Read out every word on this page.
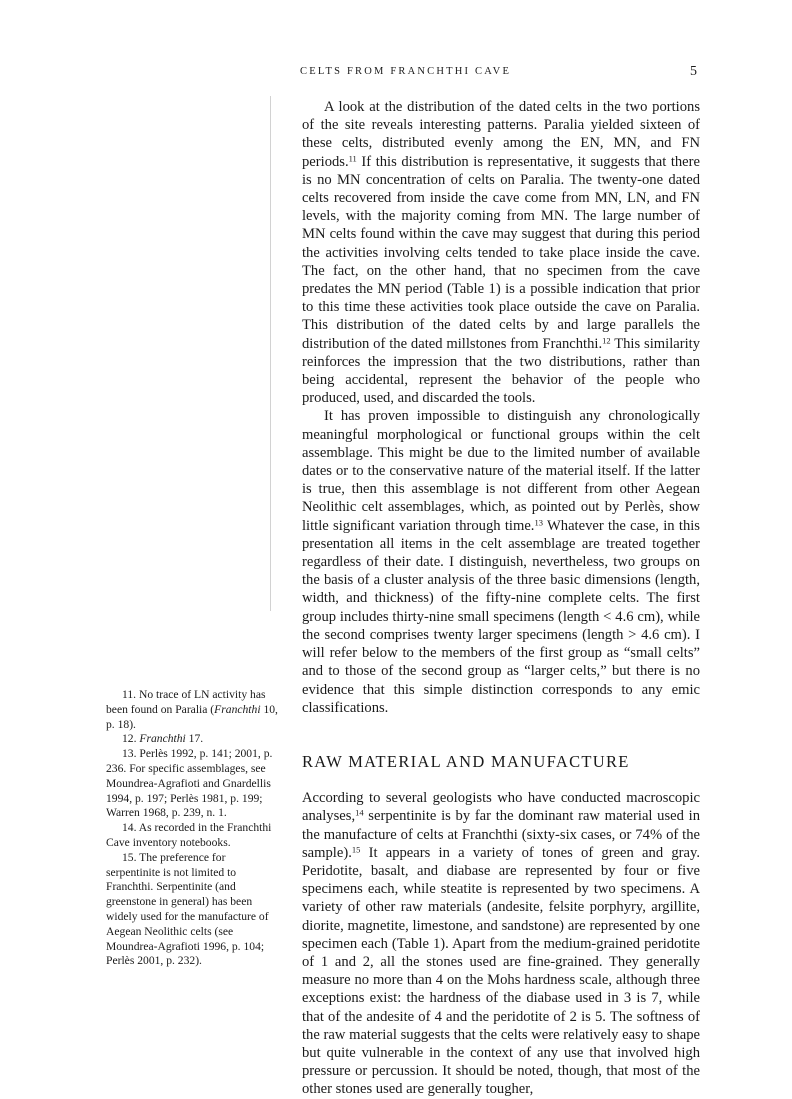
CELTS FROM FRANCHTHI CAVE	5

A look at the distribution of the dated celts in the two portions of the site reveals interesting patterns. Paralia yielded sixteen of these celts, distributed evenly among the EN, MN, and FN periods.$^{11}$ If this distribution is representative, it suggests that there is no MN concentration of celts on Paralia. The twenty-one dated celts recovered from inside the cave come from MN, LN, and FN levels, with the majority coming from MN. The large number of MN celts found within the cave may suggest that during this period the activities involving celts tended to take place inside the cave. The fact, on the other hand, that no specimen from the cave predates the MN period (Table 1) is a possible indication that prior to this time these activities took place outside the cave on Paralia. This distribution of the dated celts by and large parallels the distribution of the dated millstones from Franchthi.$^{12}$ This similarity reinforces the impression that the two distributions, rather than being accidental, represent the behavior of the people who produced, used, and discarded the tools.

It has proven impossible to distinguish any chronologically meaningful morphological or functional groups within the celt assemblage. This might be due to the limited number of available dates or to the conservative nature of the material itself. If the latter is true, then this assemblage is not different from other Aegean Neolithic celt assemblages, which, as pointed out by Perlès, show little significant variation through time.$^{13}$ Whatever the case, in this presentation all items in the celt assemblage are treated together regardless of their date. I distinguish, nevertheless, two groups on the basis of a cluster analysis of the three basic dimensions (length, width, and thickness) of the fifty-nine complete celts. The first group includes thirty-nine small specimens (length < 4.6 cm), while the second comprises twenty larger specimens (length > 4.6 cm). I will refer below to the members of the first group as “small celts” and to those of the second group as “larger celts,” but there is no evidence that this simple distinction corresponds to any emic classifications.

RAW MATERIAL AND MANUFACTURE

According to several geologists who have conducted macroscopic analyses,$^{14}$ serpentinite is by far the dominant raw material used in the manufacture of celts at Franchthi (sixty-six cases, or 74% of the sample).$^{15}$ It appears in a variety of tones of green and gray. Peridotite, basalt, and diabase are represented by four or five specimens each, while steatite is represented by two specimens. A variety of other raw materials (andesite, felsite porphyry, argillite, diorite, magnetite, limestone, and sandstone) are represented by one specimen each (Table 1). Apart from the medium-grained peridotite of 1 and 2, all the stones used are fine-grained. They generally measure no more than 4 on the Mohs hardness scale, although three exceptions exist: the hardness of the diabase used in 3 is 7, while that of the andesite of 4 and the peridotite of 2 is 5. The softness of the raw material suggests that the celts were relatively easy to shape but quite vulnerable in the context of any use that involved high pressure or percussion. It should be noted, though, that most of the other stones used are generally tougher,

11. No trace of LN activity has been found on Paralia (Franchthi 10, p. 18).

12. Franchthi 17.

13. Perlès 1992, p. 141; 2001, p. 236. For specific assemblages, see Moundrea-Agrafioti and Gnardellis 1994, p. 197; Perlès 1981, p. 199; Warren 1968, p. 239, n. 1.

14. As recorded in the Franchthi Cave inventory notebooks.

15. The preference for serpentinite is not limited to Franchthi. Serpentinite (and greenstone in general) has been widely used for the manufacture of Aegean Neolithic celts (see Moundrea-Agrafioti 1996, p. 104; Perlès 2001, p. 232).
